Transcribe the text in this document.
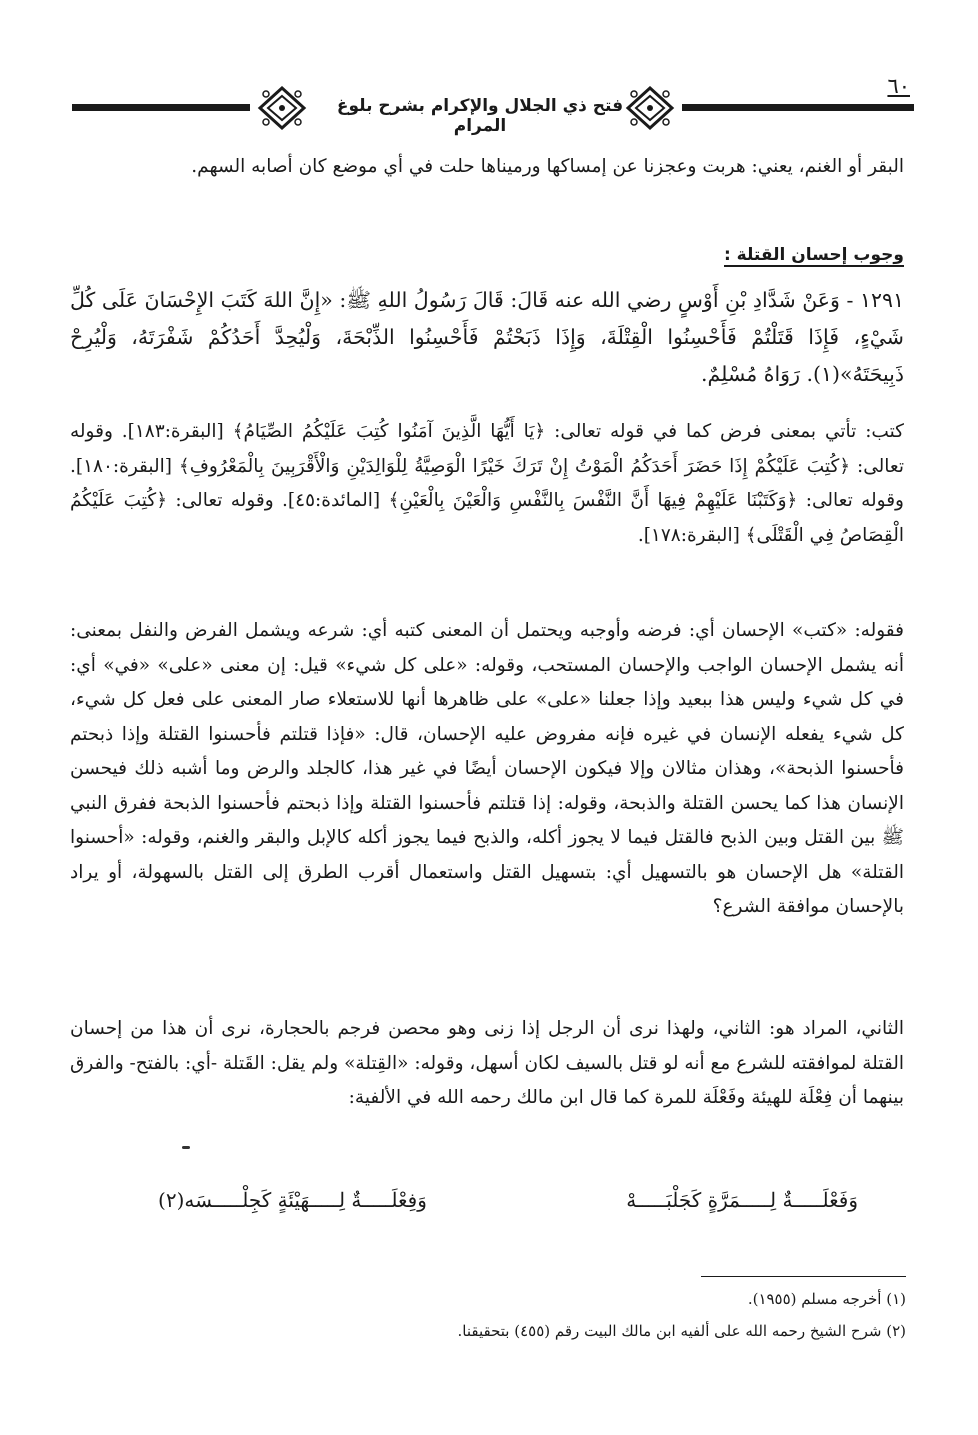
٦٠
فتح ذي الجلال والإكرام بشرح بلوغ المرام

البقر أو الغنم، يعني: هربت وعجزنا عن إمساكها ورميناها حلت في أي موضع كان أصابه السهم.

وجوب إحسان القتلة :

١٢٩١ - وَعَنْ شَدَّادِ بْنِ أَوْسٍ رضي الله عنه قَالَ: قَالَ رَسُولُ اللهِ ﷺ: «إِنَّ اللهَ كَتَبَ الإِحْسَانَ عَلَى كُلِّ شَيْءٍ، فَإِذَا قَتَلْتُمْ فَأَحْسِنُوا الْقِتْلَةَ، وَإِذَا ذَبَحْتُمْ فَأَحْسِنُوا الذِّبْحَةَ، وَلْيُحِدَّ أَحَدُكُمْ شَفْرَتَهُ، وَلْيُرِحْ ذَبِيحَتَهُ»(١). رَوَاهُ مُسْلِمٌ.

كتب: تأتي بمعنى فرض كما في قوله تعالى: ﴿يَا أَيُّهَا الَّذِينَ آمَنُوا كُتِبَ عَلَيْكُمُ الصِّيَامُ﴾ [البقرة:١٨٣]. وقوله تعالى: ﴿كُتِبَ عَلَيْكُمْ إِذَا حَضَرَ أَحَدَكُمُ الْمَوْتُ إِنْ تَرَكَ خَيْرًا الْوَصِيَّةُ لِلْوَالِدَيْنِ وَالْأَقْرَبِينَ بِالْمَعْرُوفِ﴾ [البقرة:١٨٠]. وقوله تعالى: ﴿وَكَتَبْنَا عَلَيْهِمْ فِيهَا أَنَّ النَّفْسَ بِالنَّفْسِ وَالْعَيْنَ بِالْعَيْنِ﴾ [المائدة:٤٥]. وقوله تعالى: ﴿كُتِبَ عَلَيْكُمُ الْقِصَاصُ فِي الْقَتْلَى﴾ [البقرة:١٧٨].

فقوله: «كتب» الإحسان أي: فرضه وأوجبه ويحتمل أن المعنى كتبه أي: شرعه ويشمل الفرض والنفل بمعنى: أنه يشمل الإحسان الواجب والإحسان المستحب، وقوله: «على كل شيء» قيل: إن معنى «على» «في» أي: في كل شيء وليس هذا ببعيد وإذا جعلنا «على» على ظاهرها أنها للاستعلاء صار المعنى على فعل كل شيء، كل شيء يفعله الإنسان في غيره فإنه مفروض عليه الإحسان، قال: «فإذا قتلتم فأحسنوا القتلة وإذا ذبحتم فأحسنوا الذبحة»، وهذان مثالان وإلا فيكون الإحسان أيضًا في غير هذا، كالجلد والرض وما أشبه ذلك فيحسن الإنسان هذا كما يحسن القتلة والذبحة، وقوله: إذا قتلتم فأحسنوا القتلة وإذا ذبحتم فأحسنوا الذبحة ففرق النبي ﷺ بين القتل وبين الذبح فالقتل فيما لا يجوز أكله، والذبح فيما يجوز أكله كالإبل والبقر والغنم، وقوله: «أحسنوا القتلة» هل الإحسان هو بالتسهيل أي: بتسهيل القتل واستعمال أقرب الطرق إلى القتل بالسهولة، أو يراد بالإحسان موافقة الشرع؟

الثاني، المراد هو: الثاني، ولهذا نرى أن الرجل إذا زنى وهو محصن فرجم بالحجارة، نرى أن هذا من إحسان القتلة لموافقته للشرع مع أنه لو قتل بالسيف لكان أسهل، وقوله: «القِتلة» ولم يقل: القَتلة -أي: بالفتح- والفرق بينهما أن فِعْلَة للهيئة وفَعْلَة للمرة كما قال ابن مالك رحمه الله في الألفية:

وَفَعْلَـــــةٌ لِـــــمَرَّةٍ كَجَلْبَـــــهْ
وَفِعْلَـــــةٌ لِـــــهَيْئَةٍ كَجِلْـــــسَه(٢)
(١) أخرجه مسلم (١٩٥٥).
(٢) شرح الشيخ رحمه الله على ألفيه ابن مالك البيت رقم (٤٥٥) بتحقيقنا.
